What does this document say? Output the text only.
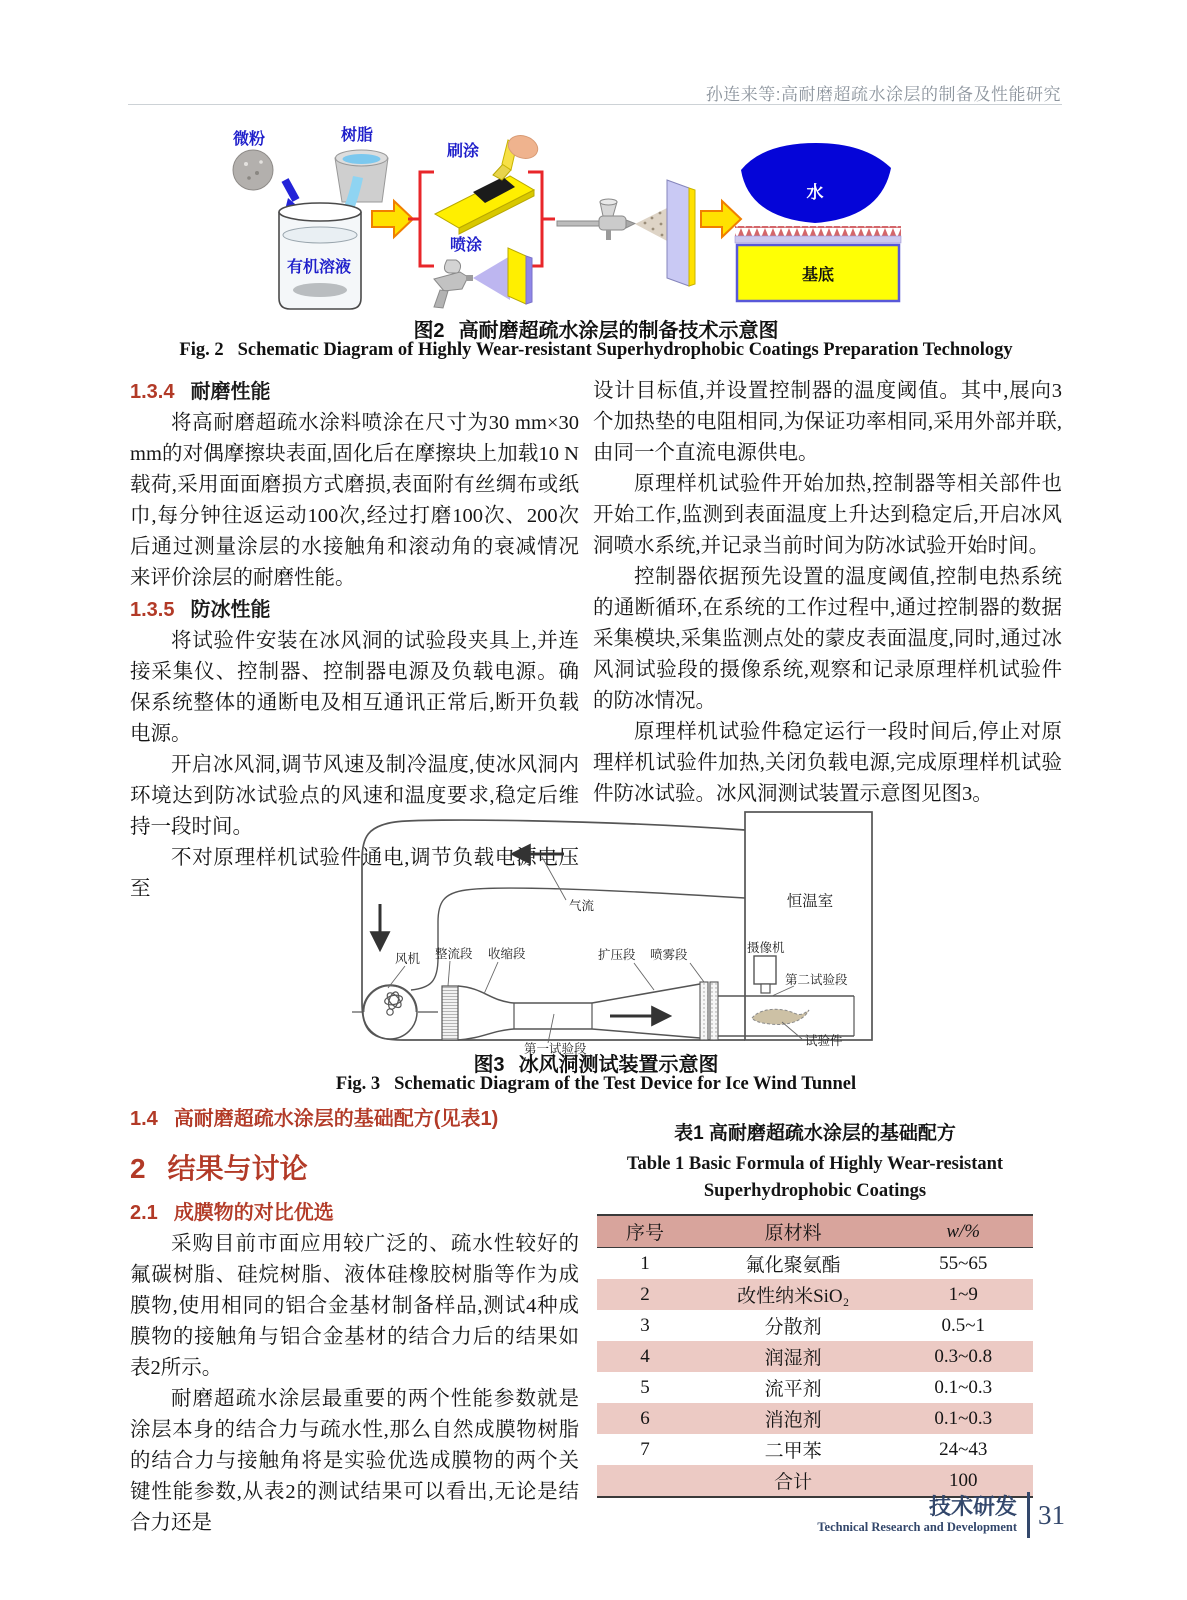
孙连来等:高耐磨超疏水涂层的制备及性能研究
微粉	树脂
有机溶液
刷涂
喷涂
水
基底
图2 高耐磨超疏水涂层的制备技术示意图
Fig. 2 Schematic Diagram of Highly Wear-resistant Superhydrophobic Coatings Preparation Technology
1.3.4 耐磨性能

将高耐磨超疏水涂料喷涂在尺寸为30 mm×30 mm的对偶摩擦块表面,固化后在摩擦块上加载10 N载荷,采用面面磨损方式磨损,表面附有丝绸布或纸巾,每分钟往返运动100次,经过打磨100次、200次后通过测量涂层的水接触角和滚动角的衰减情况来评价涂层的耐磨性能。

1.3.5 防冰性能

将试验件安装在冰风洞的试验段夹具上,并连接采集仪、控制器、控制器电源及负载电源。确保系统整体的通断电及相互通讯正常后,断开负载电源。

开启冰风洞,调节风速及制冷温度,使冰风洞内环境达到防冰试验点的风速和温度要求,稳定后维持一段时间。

不对原理样机试验件通电,调节负载电源电压至

设计目标值,并设置控制器的温度阈值。其中,展向3个加热垫的电阻相同,为保证功率相同,采用外部并联,由同一个直流电源供电。

原理样机试验件开始加热,控制器等相关部件也开始工作,监测到表面温度上升达到稳定后,开启冰风洞喷水系统,并记录当前时间为防冰试验开始时间。

控制器依据预先设置的温度阈值,控制电热系统的通断循环,在系统的工作过程中,通过控制器的数据采集模块,采集监测点处的蒙皮表面温度,同时,通过冰风洞试验段的摄像系统,观察和记录原理样机试验件的防冰情况。

原理样机试验件稳定运行一段时间后,停止对原理样机试验件加热,关闭负载电源,完成原理样机试验件防冰试验。冰风洞测试装置示意图见图3。

恒温室
气流
风机 整流段 收缩段
第一试验段
扩压段 喷雾段
第二试验段
摄像机
试验件
图3 冰风洞测试装置示意图
Fig. 3 Schematic Diagram of the Test Device for Ice Wind Tunnel
1.4 高耐磨超疏水涂层的基础配方(见表1)
2 结果与讨论
2.1 成膜物的对比优选

采购目前市面应用较广泛的、疏水性较好的氟碳树脂、硅烷树脂、液体硅橡胶树脂等作为成膜物,使用相同的铝合金基材制备样品,测试4种成膜物的接触角与铝合金基材的结合力后的结果如表2所示。

耐磨超疏水涂层最重要的两个性能参数就是涂层本身的结合力与疏水性,那么自然成膜物树脂的结合力与接触角将是实验优选成膜物的两个关键性能参数,从表2的测试结果可以看出,无论是结合力还是

表1 高耐磨超疏水涂层的基础配方

Table 1 Basic Formula of Highly Wear-resistant

Superhydrophobic Coatings

序号	原材料	w/%
1	氟化聚氨酯	55~65
2	改性纳米SiO₂	1~9
3	分散剂	0.5~1
4	润湿剂	0.3~0.8
5	流平剂	0.1~0.3
6	消泡剂	0.1~0.3
7	二甲苯	24~43
	合计	100
技术研发
Technical Research and Development 31
